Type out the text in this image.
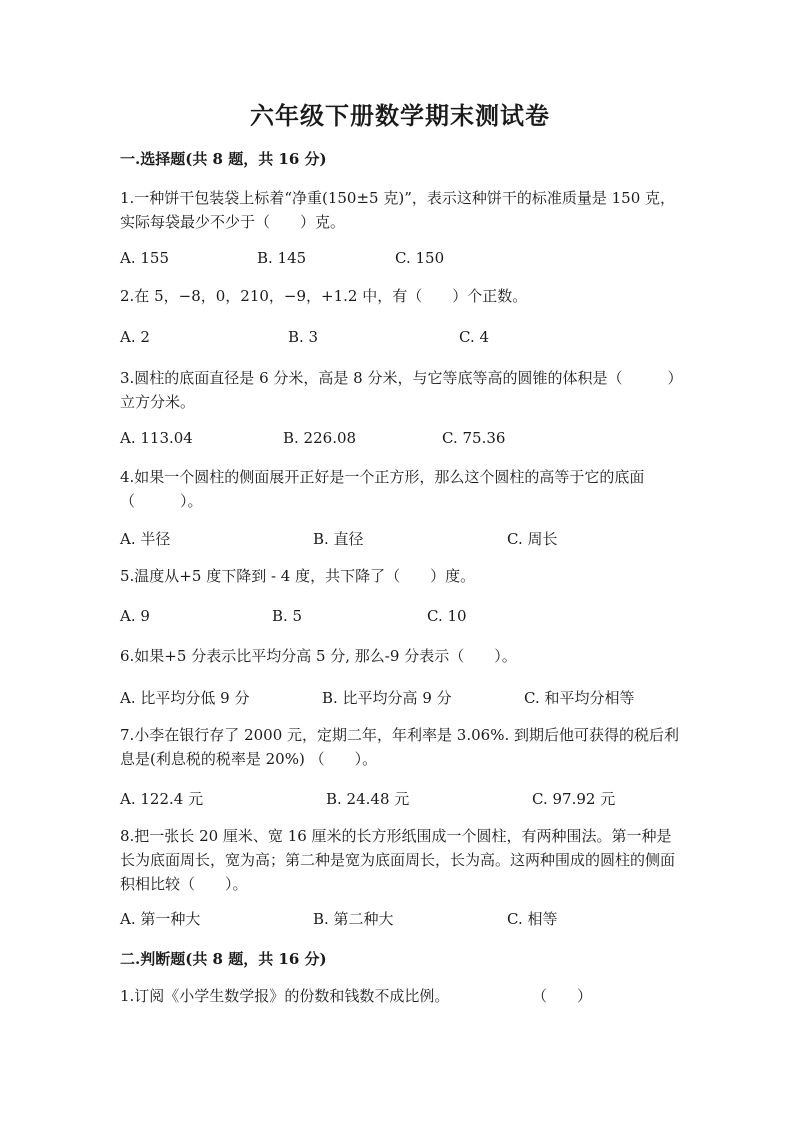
六年级下册数学期末测试卷
一.选择题(共 8 题，共 16 分)
1.一种饼干包装袋上标着“净重(150±5 克)”，表示这种饼干的标准质量是 150 克，实际每袋最少不少于（　　）克。
A. 155	B. 145	C. 150
2.在 5，−8，0，210，−9，+1.2 中，有（　　）个正数。
A. 2	B. 3	C. 4
3.圆柱的底面直径是 6 分米，高是 8 分米，与它等底等高的圆锥的体积是（　　　）立方分米。
A. 113.04	B. 226.08	C. 75.36
4.如果一个圆柱的侧面展开正好是一个正方形，那么这个圆柱的高等于它的底面（　　　）。
A. 半径	B. 直径	C. 周长
5.温度从+5 度下降到 - 4 度，共下降了（　　）度。
A. 9	B. 5	C. 10
6.如果+5 分表示比平均分高 5 分, 那么-9 分表示（　　）。
A. 比平均分低 9 分	B. 比平均分高 9 分	C. 和平均分相等
7.小李在银行存了 2000 元，定期二年，年利率是 3.06%. 到期后他可获得的税后利息是(利息税的税率是 20%) （　　）。
A. 122.4 元	B. 24.48 元	C. 97.92 元
8.把一张长 20 厘米、宽 16 厘米的长方形纸围成一个圆柱，有两种围法。第一种是长为底面周长，宽为高；第二种是宽为底面周长，长为高。这两种围成的圆柱的侧面积相比较（　　）。
A. 第一种大	B. 第二种大	C. 相等
二.判断题(共 8 题，共 16 分)
1.订阅《小学生数学报》的份数和钱数不成比例。	（　　）
